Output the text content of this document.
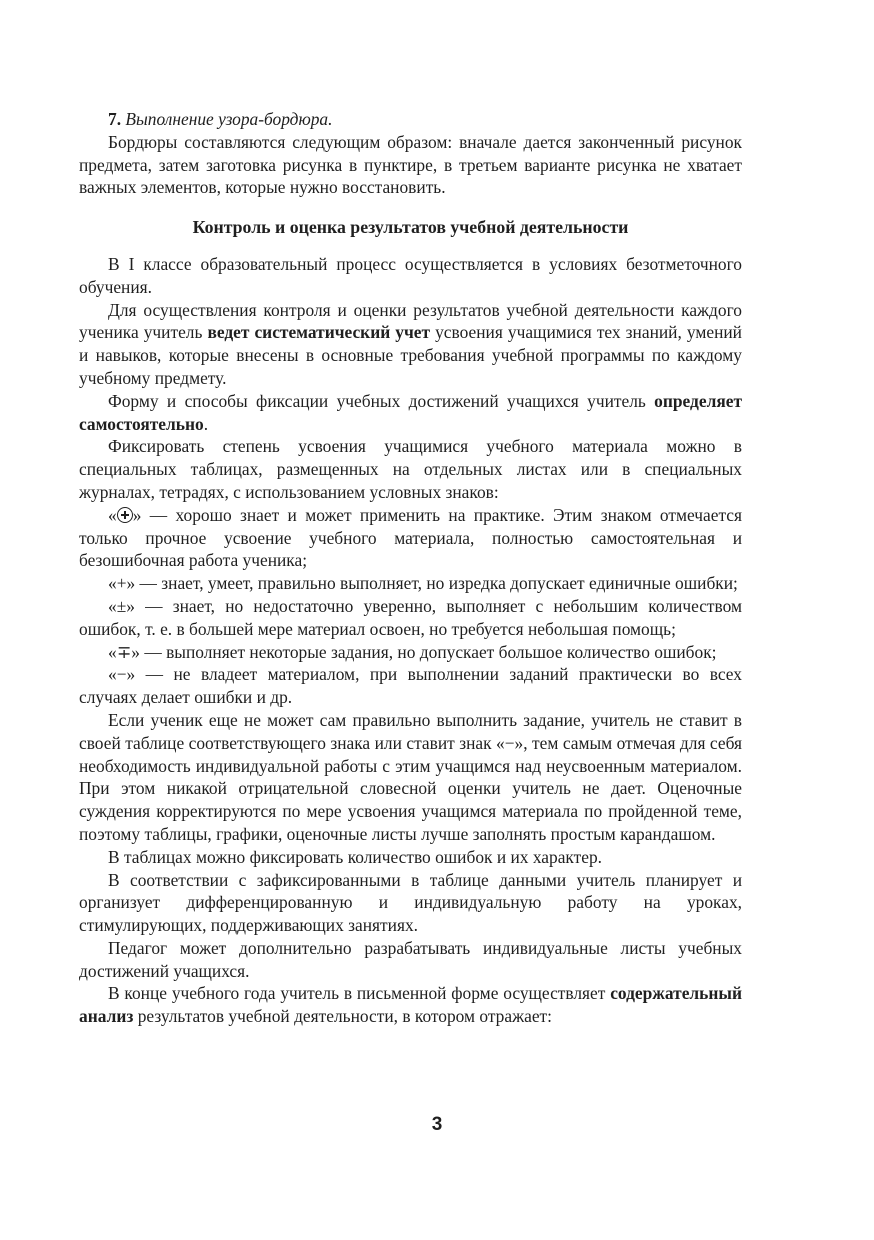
7. Выполнение узора-бордюра.

Бордюры составляются следующим образом: вначале дается законченный рисунок предмета, затем заготовка рисунка в пунктире, в третьем варианте рисунка не хватает важных элементов, которые нужно восстановить.

Контроль и оценка результатов учебной деятельности

В I классе образовательный процесс осуществляется в условиях безотметочного обучения.

Для осуществления контроля и оценки результатов учебной деятельности каждого ученика учитель ведет систематический учет усвоения учащимися тех знаний, умений и навыков, которые внесены в основные требования учебной программы по каждому учебному предмету.

Форму и способы фиксации учебных достижений учащихся учитель определяет самостоятельно.

Фиксировать степень усвоения учащимися учебного материала можно в специальных таблицах, размещенных на отдельных листах или в специальных журналах, тетрадях, с использованием условных знаков:

« » — хорошо знает и может применить на практике. Этим знаком отмечается только прочное усвоение учебного материала, полностью самостоятельная и безошибочная работа ученика;

«+» — знает, умеет, правильно выполняет, но изредка допускает единичные ошибки;

«±» — знает, но недостаточно уверенно, выполняет с небольшим количеством ошибок, т. е. в большей мере материал освоен, но требуется небольшая помощь;

«∓» — выполняет некоторые задания, но допускает большое количество ошибок;

«−» — не владеет материалом, при выполнении заданий практически во всех случаях делает ошибки и др.

Если ученик еще не может сам правильно выполнить задание, учитель не ставит в своей таблице соответствующего знака или ставит знак «−», тем самым отмечая для себя необходимость индивидуальной работы с этим учащимся над неусвоенным материалом. При этом никакой отрицательной словесной оценки учитель не дает. Оценочные суждения корректируются по мере усвоения учащимся материала по пройденной теме, поэтому таблицы, графики, оценочные листы лучше заполнять простым карандашом.

В таблицах можно фиксировать количество ошибок и их характер.

В соответствии с зафиксированными в таблице данными учитель планирует и организует дифференцированную и индивидуальную работу на уроках, стимулирующих, поддерживающих занятиях.

Педагог может дополнительно разрабатывать индивидуальные листы учебных достижений учащихся.

В конце учебного года учитель в письменной форме осуществляет содержательный анализ результатов учебной деятельности, в котором отражает:

3
